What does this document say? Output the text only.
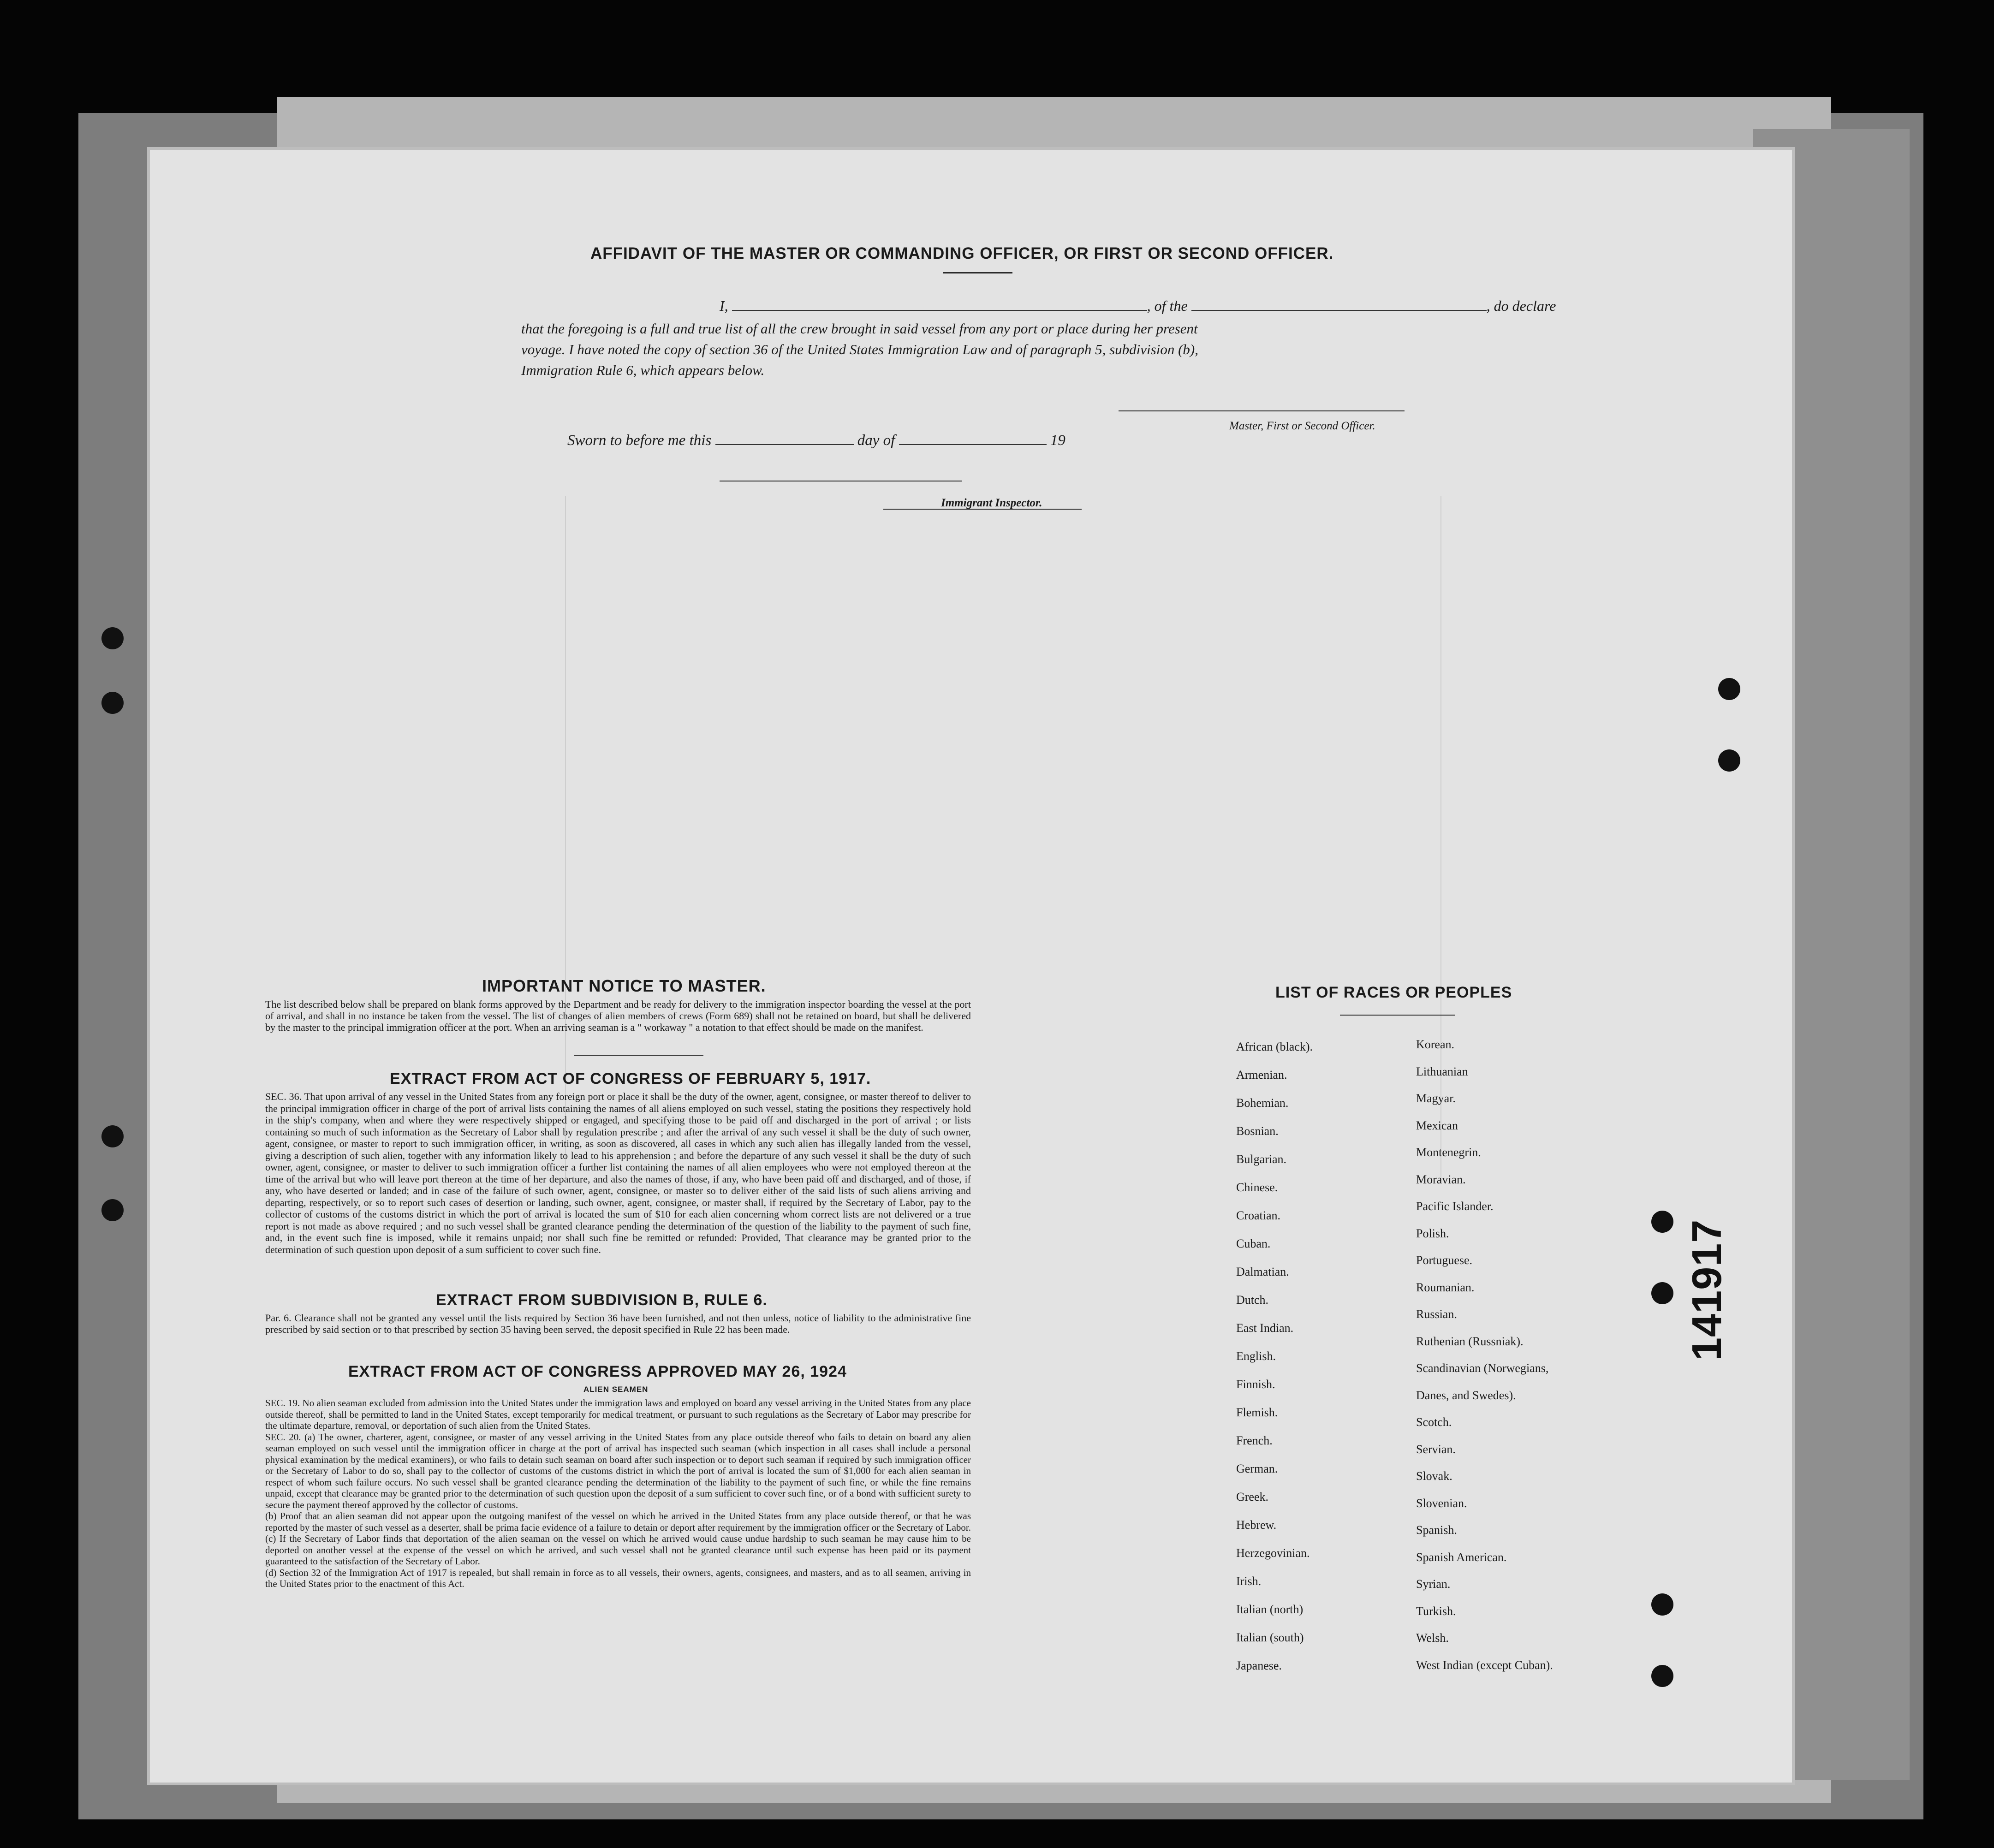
AFFIDAVIT OF THE MASTER OR COMMANDING OFFICER, OR FIRST OR SECOND OFFICER.
I,	, of the	, do declare
that the foregoing is a full and true list of all the crew brought in said vessel from any port or place during her present
voyage. I have noted the copy of section 36 of the United States Immigration Law and of paragraph 5, subdivision (b),
Immigration Rule 6, which appears below.
Master, First or Second Officer.
Sworn to before me this	day of	19
Immigrant Inspector.
IMPORTANT NOTICE TO MASTER.
The list described below shall be prepared on blank forms approved by the Department and be ready for delivery to the immigration inspector boarding the vessel at the port of arrival, and shall in no instance be taken from the vessel. The list of changes of alien members of crews (Form 689) shall not be retained on board, but shall be delivered by the master to the principal immigration officer at the port. When an arriving seaman is a " workaway " a notation to that effect should be made on the manifest.
EXTRACT FROM ACT OF CONGRESS OF FEBRUARY 5, 1917.
SEC. 36. That upon arrival of any vessel in the United States from any foreign port or place it shall be the duty of the owner, agent, consignee, or master thereof to deliver to the principal immigration officer in charge of the port of arrival lists containing the names of all aliens employed on such vessel, stating the positions they respectively hold in the ship's company, when and where they were respectively shipped or engaged, and specifying those to be paid off and discharged in the port of arrival ; or lists containing so much of such information as the Secretary of Labor shall by regulation prescribe ; and after the arrival of any such vessel it shall be the duty of such owner, agent, consignee, or master to report to such immigration officer, in writing, as soon as discovered, all cases in which any such alien has illegally landed from the vessel, giving a description of such alien, together with any information likely to lead to his apprehension ; and before the departure of any such vessel it shall be the duty of such owner, agent, consignee, or master to deliver to such immigration officer a further list containing the names of all alien employees who were not employed thereon at the time of the arrival but who will leave port thereon at the time of her departure, and also the names of those, if any, who have been paid off and discharged, and of those, if any, who have deserted or landed; and in case of the failure of such owner, agent, consignee, or master so to deliver either of the said lists of such aliens arriving and departing, respectively, or so to report such cases of desertion or landing, such owner, agent, consignee, or master shall, if required by the Secretary of Labor, pay to the collector of customs of the customs district in which the port of arrival is located the sum of $10 for each alien concerning whom correct lists are not delivered or a true report is not made as above required ; and no such vessel shall be granted clearance pending the determination of the question of the liability to the payment of such fine, and, in the event such fine is imposed, while it remains unpaid; nor shall such fine be remitted or refunded: Provided, That clearance may be granted prior to the determination of such question upon deposit of a sum sufficient to cover such fine.
EXTRACT FROM SUBDIVISION B, RULE 6.
Par. 6. Clearance shall not be granted any vessel until the lists required by Section 36 have been furnished, and not then unless, notice of liability to the administrative fine prescribed by said section or to that prescribed by section 35 having been served, the deposit specified in Rule 22 has been made.
EXTRACT FROM ACT OF CONGRESS APPROVED MAY 26, 1924
ALIEN SEAMEN

SEC. 19. No alien seaman excluded from admission into the United States under the immigration laws and employed on board any vessel arriving in the United States from any place outside thereof, shall be permitted to land in the United States, except temporarily for medical treatment, or pursuant to such regulations as the Secretary of Labor may prescribe for the ultimate departure, removal, or deportation of such alien from the United States.

SEC. 20. (a) The owner, charterer, agent, consignee, or master of any vessel arriving in the United States from any place outside thereof who fails to detain on board any alien seaman employed on such vessel until the immigration officer in charge at the port of arrival has inspected such seaman (which inspection in all cases shall include a personal physical examination by the medical examiners), or who fails to detain such seaman on board after such inspection or to deport such seaman if required by such immigration officer or the Secretary of Labor to do so, shall pay to the collector of customs of the customs district in which the port of arrival is located the sum of $1,000 for each alien seaman in respect of whom such failure occurs. No such vessel shall be granted clearance pending the determination of the liability to the payment of such fine, or while the fine remains unpaid, except that clearance may be granted prior to the determination of such question upon the deposit of a sum sufficient to cover such fine, or of a bond with sufficient surety to secure the payment thereof approved by the collector of customs.

(b) Proof that an alien seaman did not appear upon the outgoing manifest of the vessel on which he arrived in the United States from any place outside thereof, or that he was reported by the master of such vessel as a deserter, shall be prima facie evidence of a failure to detain or deport after requirement by the immigration officer or the Secretary of Labor.

(c) If the Secretary of Labor finds that deportation of the alien seaman on the vessel on which he arrived would cause undue hardship to such seaman he may cause him to be deported on another vessel at the expense of the vessel on which he arrived, and such vessel shall not be granted clearance until such expense has been paid or its payment guaranteed to the satisfaction of the Secretary of Labor.

(d) Section 32 of the Immigration Act of 1917 is repealed, but shall remain in force as to all vessels, their owners, agents, consignees, and masters, and as to all seamen, arriving in the United States prior to the enactment of this Act.

LIST OF RACES OR PEOPLES
African (black).
Armenian.
Bohemian.
Bosnian.
Bulgarian.
Chinese.
Croatian.
Cuban.
Dalmatian.
Dutch.
East Indian.
English.
Finnish.
Flemish.
French.
German.
Greek.
Hebrew.
Herzegovinian.
Irish.
Italian (north)
Italian (south)
Japanese.
Korean.
Lithuanian
Magyar.
Mexican
Montenegrin.
Moravian.
Pacific Islander.
Polish.
Portuguese.
Roumanian.
Russian.
Ruthenian (Russniak).
Scandinavian (Norwegians,
Danes, and Swedes).
Scotch.
Servian.
Slovak.
Slovenian.
Spanish.
Spanish American.
Syrian.
Turkish.
Welsh.
West Indian (except Cuban).
141917
